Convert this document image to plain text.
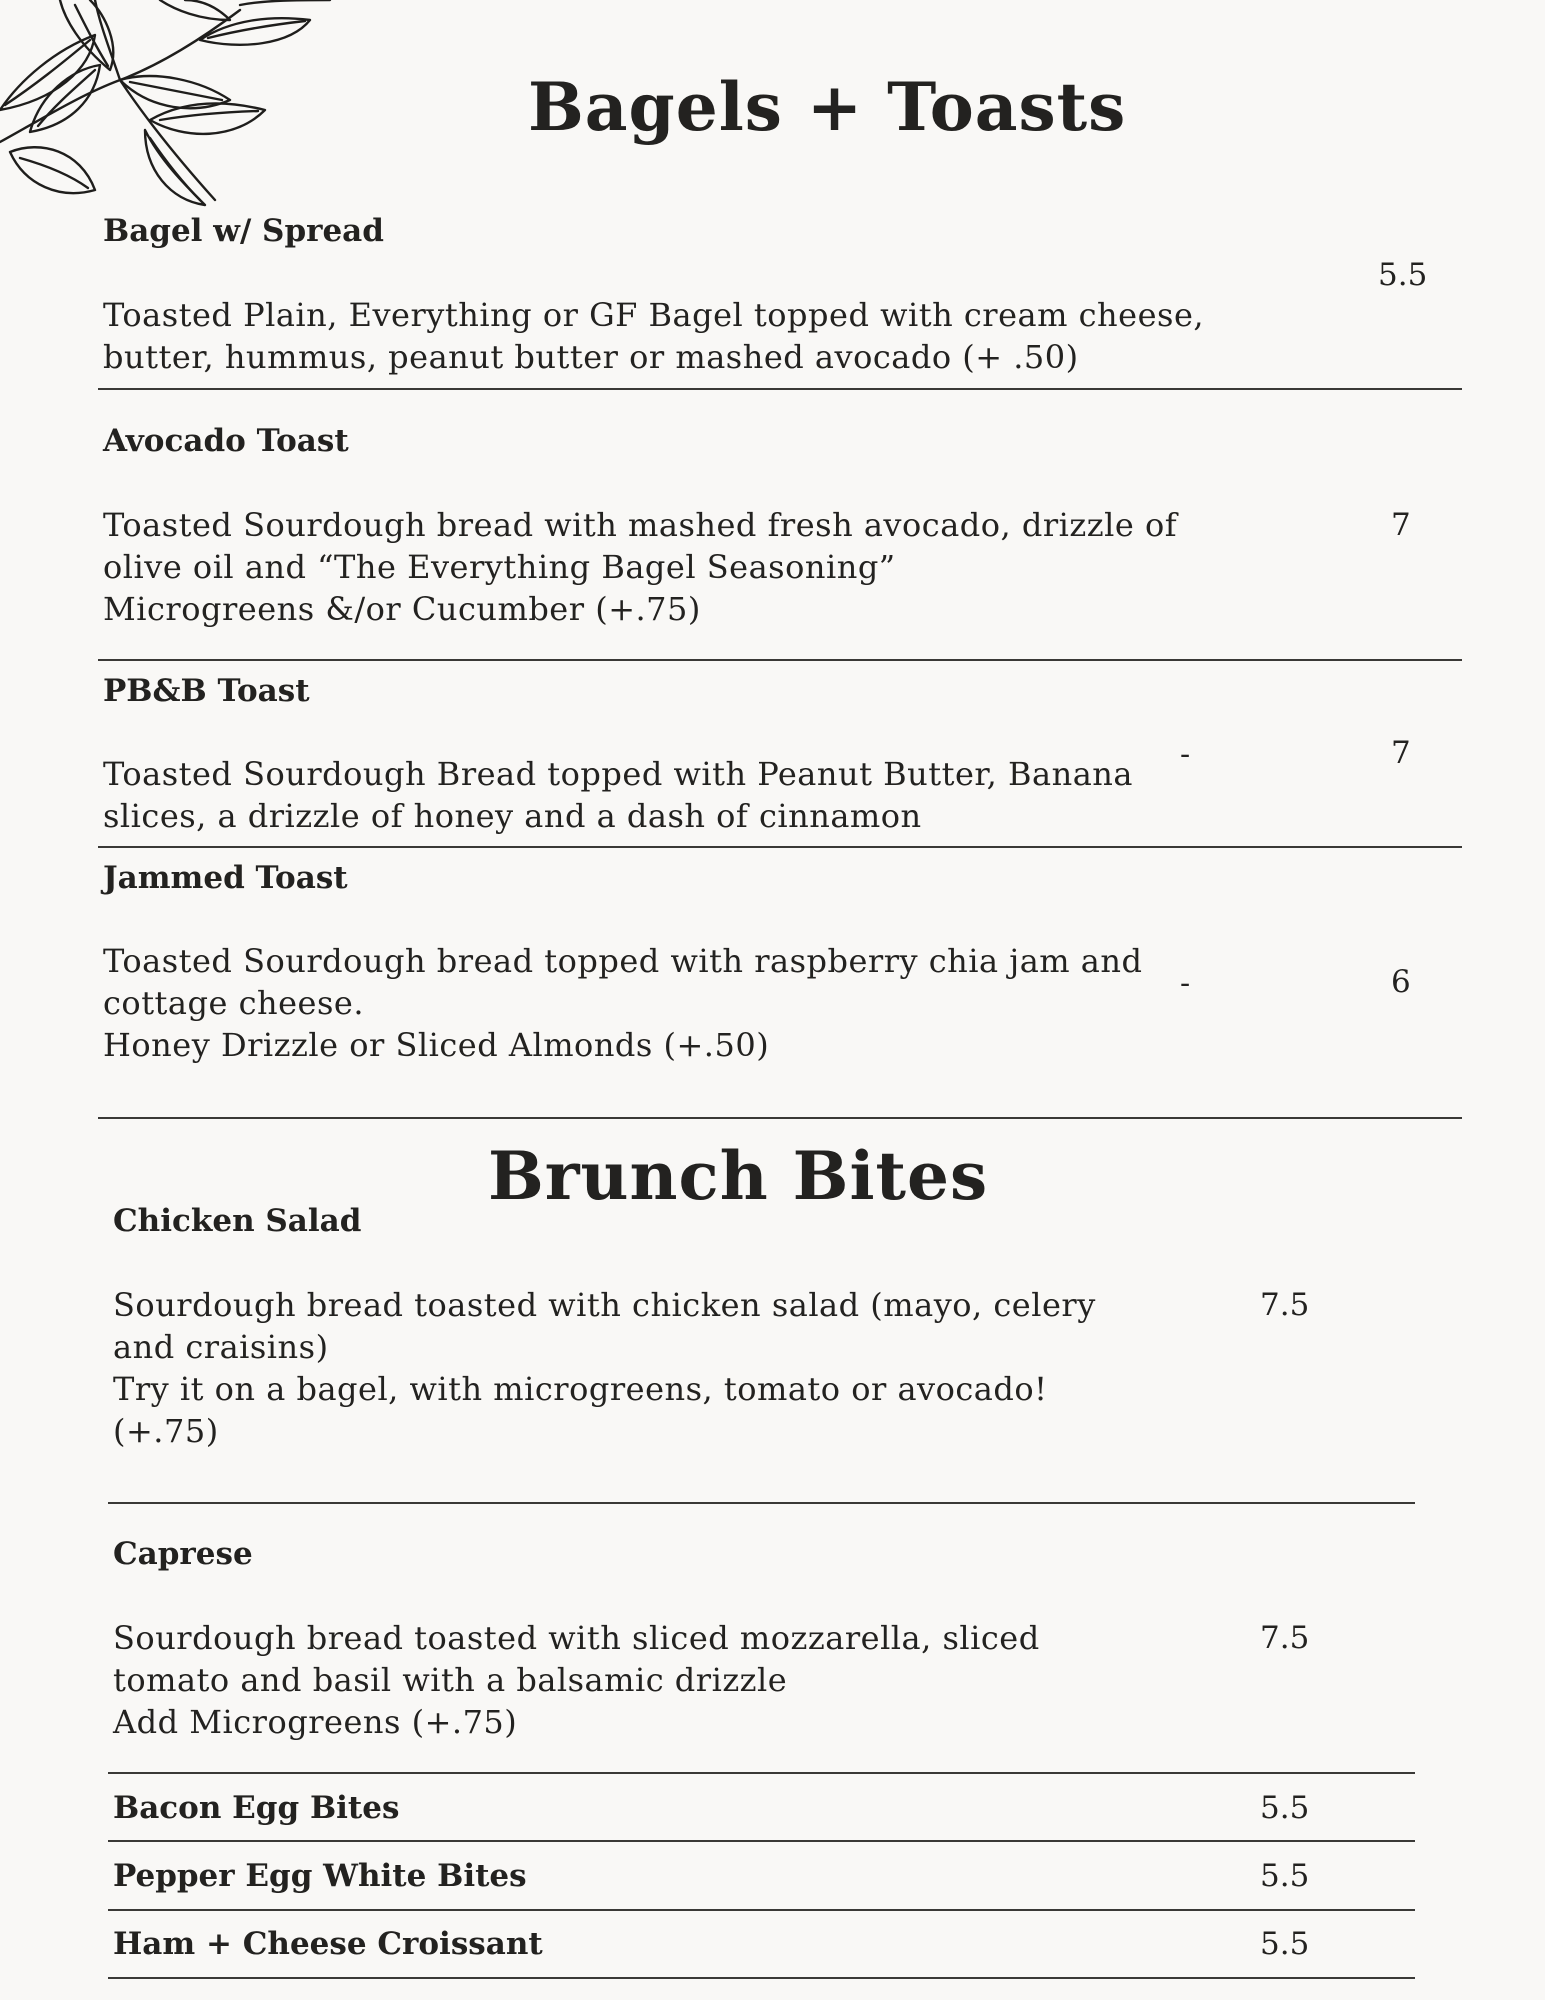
Bagels + Toasts
Bagel w/ Spread
Toasted Plain, Everything or GF Bagel topped with cream cheese,
butter, hummus, peanut butter or mashed avocado (+ .50)
5.5
Avocado Toast
Toasted Sourdough bread with mashed fresh avocado, drizzle of
olive oil and “The Everything Bagel Seasoning”
Microgreens &/or Cucumber (+.75)
7
PB&B Toast
Toasted Sourdough Bread topped with Peanut Butter, Banana
slices, a drizzle of honey and a dash of cinnamon
-	7
Jammed Toast
Toasted Sourdough bread topped with raspberry chia jam and
cottage cheese.
Honey Drizzle or Sliced Almonds (+.50)
-	6
Brunch Bites
Chicken Salad
Sourdough bread toasted with chicken salad (mayo, celery
and craisins)
Try it on a bagel, with microgreens, tomato or avocado!
(+.75)
7.5
Caprese
Sourdough bread toasted with sliced mozzarella, sliced
tomato and basil with a balsamic drizzle
Add Microgreens (+.75)
7.5
Bacon Egg Bites	5.5
Pepper Egg White Bites	5.5
Ham + Cheese Croissant	5.5
